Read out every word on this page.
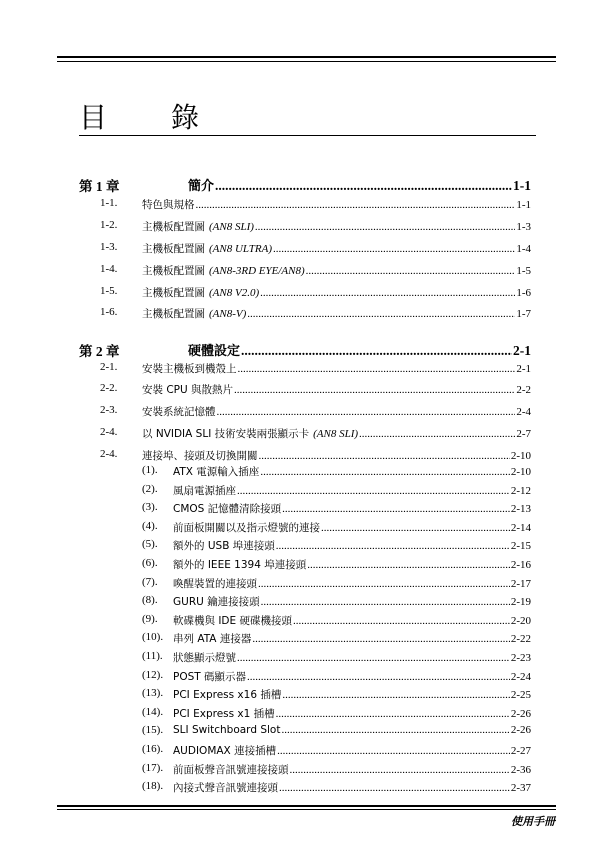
目　錄
第 1 章	簡介 .....	1-1
1-1. 特色與規格 .....	1-1
1-2. 主機板配置圖 (AN8 SLI) .....	1-3
1-3. 主機板配置圖 (AN8 ULTRA) .....	1-4
1-4. 主機板配置圖 (AN8-3RD EYE/AN8) .....	1-5
1-5. 主機板配置圖 (AN8 V2.0) .....	1-6
1-6. 主機板配置圖 (AN8-V) .....	1-7
第 2 章	硬體設定 .....	2-1
2-1. 安裝主機板到機殼上 .....	2-1
2-2. 安裝 CPU 與散熱片 .....	2-2
2-3. 安裝系統記憶體 .....	2-4
2-4. 以 NVIDIA SLI 技術安裝兩張顯示卡 (AN8 SLI) .....	2-7
2-4. 連接埠、接頭及切換開關 .....	2-10
(1). ATX 電源輸入插座 .....	2-10
(2). 風扇電源插座 .....	2-12
(3). CMOS 記憶體清除接頭 .....	2-13
(4). 前面板開關以及指示燈號的連接 .....	2-14
(5). 額外的 USB 埠連接頭 .....	2-15
(6). 額外的 IEEE 1394 埠連接頭 .....	2-16
(7). 喚醒裝置的連接頭 .....	2-17
(8). GURU 鑰連接接頭 .....	2-19
(9). 軟碟機與 IDE 硬碟機接頭 .....	2-20
(10). 串列 ATA 連接器 .....	2-22
(11). 狀態顯示燈號 .....	2-23
(12). POST 碼顯示器 .....	2-24
(13). PCI Express x16 插槽 .....	2-25
(14). PCI Express x1 插槽 .....	2-26
(15). SLI Switchboard Slot .....	2-26
(16). AUDIOMAX 連接插槽 .....	2-27
(17). 前面板聲音訊號連接接頭 .....	2-36
(18). 內接式聲音訊號連接頭 .....	2-37
使用手冊
